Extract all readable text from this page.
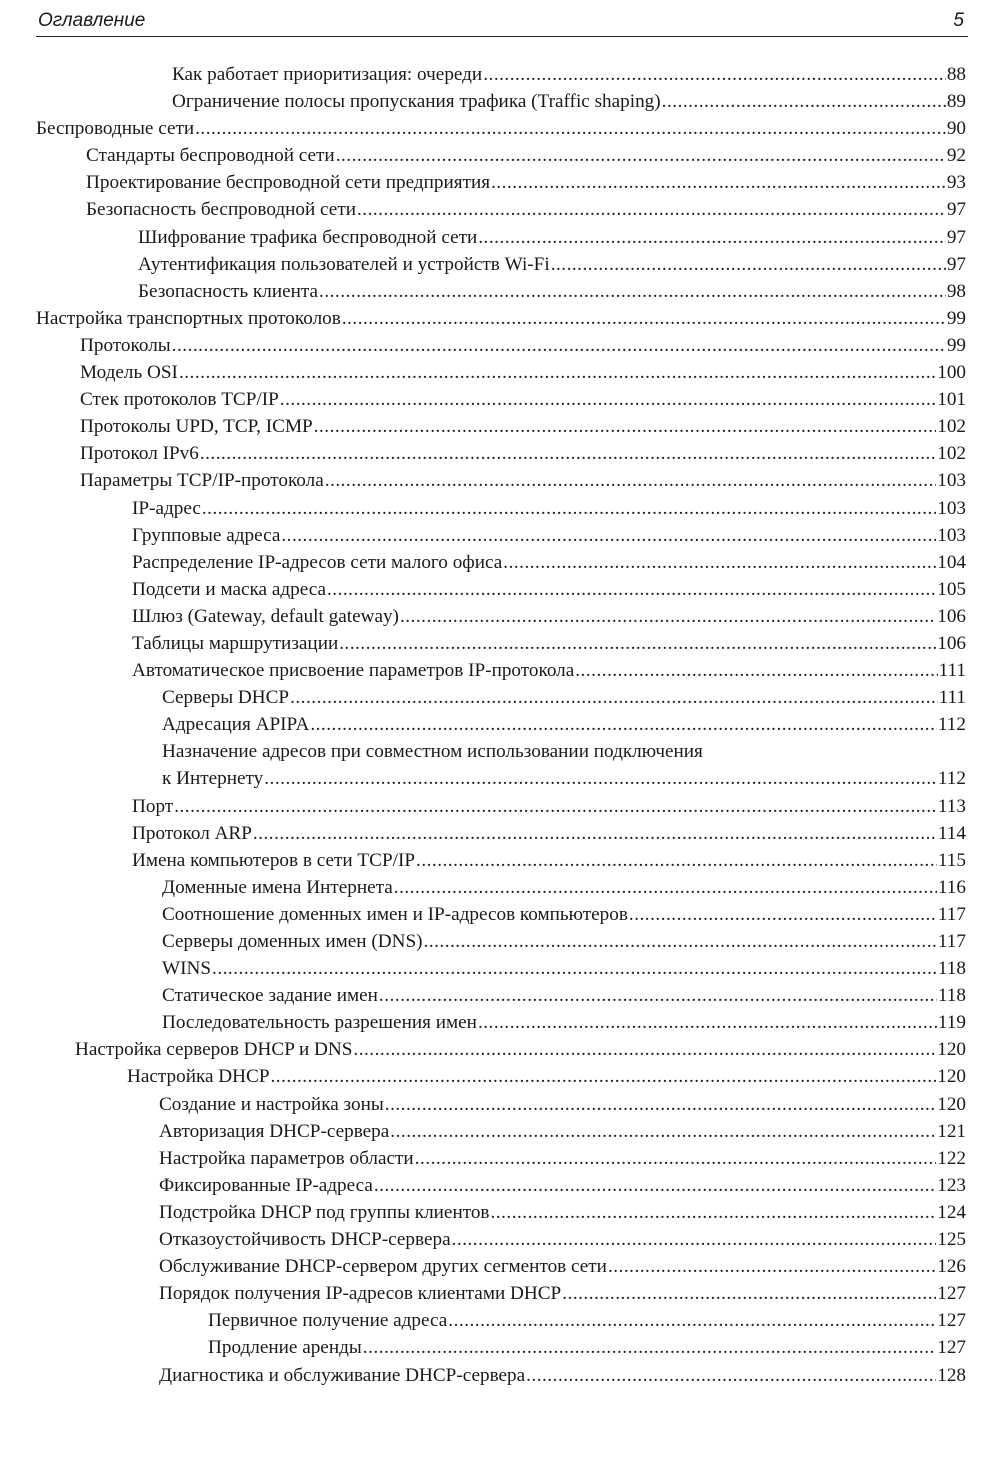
Оглавление	5
Как работает приоритизация: очереди .....	88
Ограничение полосы пропускания трафика (Traffic shaping) .....	89
Беспроводные сети .....	90
Стандарты беспроводной сети .....	92
Проектирование беспроводной сети предприятия .....	93
Безопасность беспроводной сети .....	97
Шифрование трафика беспроводной сети .....	97
Аутентификация пользователей и устройств Wi-Fi .....	97
Безопасность клиента .....	98
Настройка транспортных протоколов .....	99
Протоколы .....	99
Модель OSI .....	100
Стек протоколов TCP/IP .....	101
Протоколы UPD, TCP, ICMP .....	102
Протокол IPv6 .....	102
Параметры TCP/IP-протокола .....	103
IP-адрес .....	103
Групповые адреса .....	103
Распределение IP-адресов сети малого офиса .....	104
Подсети и маска адреса .....	105
Шлюз (Gateway, default gateway) .....	106
Таблицы маршрутизации .....	106
Автоматическое присвоение параметров IP-протокола .....	111
Серверы DHCP .....	111
Адресация APIPA .....	112
Назначение адресов при совместном использовании подключения
к Интернету .....	112
Порт .....	113
Протокол ARP .....	114
Имена компьютеров в сети TCP/IP .....	115
Доменные имена Интернета .....	116
Соотношение доменных имен и IP-адресов компьютеров .....	117
Серверы доменных имен (DNS) .....	117
WINS .....	118
Статическое задание имен .....	118
Последовательность разрешения имен .....	119
Настройка серверов DHCP и DNS .....	120
Настройка DHCP .....	120
Создание и настройка зоны .....	120
Авторизация DHCP-сервера .....	121
Настройка параметров области .....	122
Фиксированные IP-адреса .....	123
Подстройка DHCP под группы клиентов .....	124
Отказоустойчивость DHCP-сервера .....	125
Обслуживание DHCP-сервером других сегментов сети .....	126
Порядок получения IP-адресов клиентами DHCP .....	127
Первичное получение адреса .....	127
Продление аренды .....	127
Диагностика и обслуживание DHCP-сервера .....	128
